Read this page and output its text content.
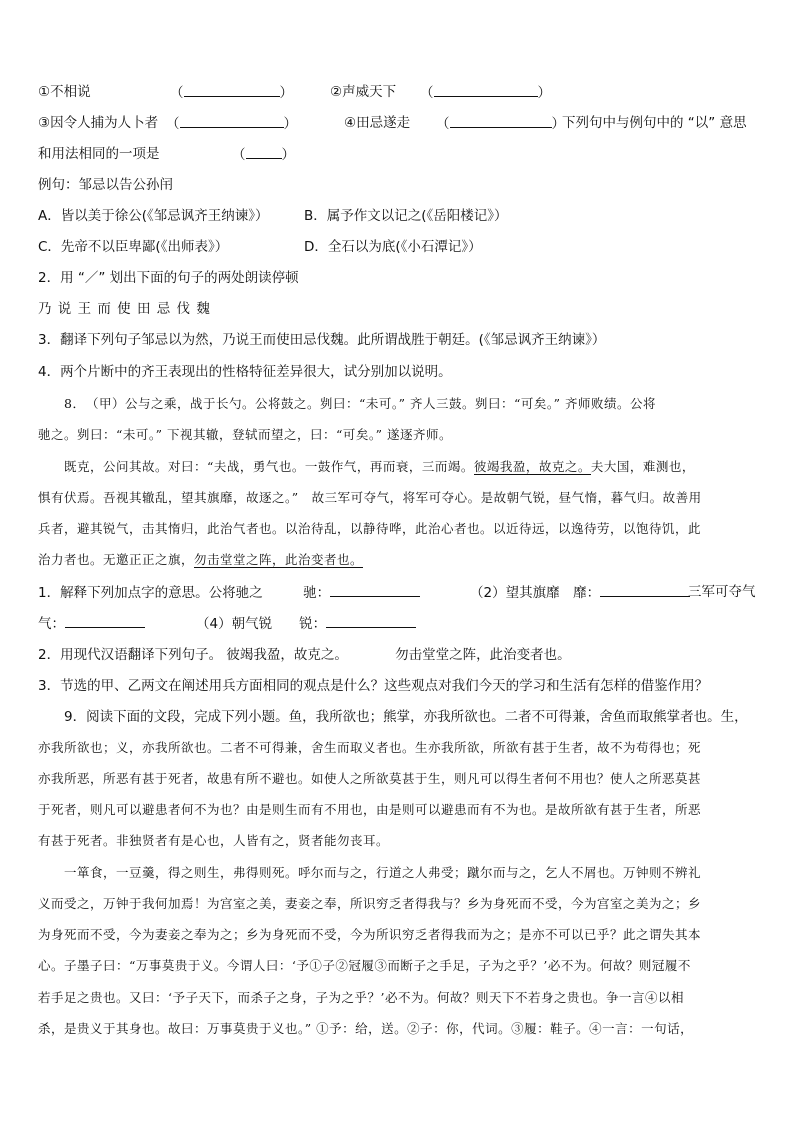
①不相说	（	）	②声威天下 （	）
③因令人捕为人卜者 （	）	④田忌遂走 （	）
下列句中与例句中的 “以” 意思
和用法相同的一项是	（	）
例句：邹忌以告公孙闬
A．皆以美于徐公(《邹忌讽齐王纳谏》）	B．属予作文以记之(《岳阳楼记》）
C．先帝不以臣卑鄙(《出师表》）	D．全石以为底(《小石潭记》）
2．用 “／” 划出下面的句子的两处朗读停顿
乃 说 王 而 使 田 忌 伐 魏
3．翻译下列句子邹忌以为然，乃说王而使田忌伐魏。此所谓战胜于朝廷。(《邹忌讽齐王纳谏》）
4．两个片断中的齐王表现出的性格特征差异很大，试分别加以说明。
8．　（甲）公与之乘，战于长勺。公将鼓之。刿曰：“未可。” 齐人三鼓。刿曰：“可矣。” 齐师败绩。公将
驰之。刿曰：“未可。” 下视其辙，登轼而望之，曰：“可矣。” 遂逐齐师。
既克，公问其故。对曰：“夫战，勇气也。一鼓作气，再而衰，三而竭。彼竭我盈，故克之。夫大国，难测也，
惧有伏焉。吾视其辙乱，望其旗靡，故逐之。”　故三军可夺气，将军可夺心。是故朝气锐，昼气惰，暮气归。故善用
兵者，避其锐气，击其惰归，此治气者也。以治待乱，以静待哗，此治心者也。以近待远，以逸待劳，以饱待饥，此
治力者也。无邀正正之旗，勿击堂堂之阵，此治变者也。
1．解释下列加点字的意思。公将驰之　　　驰：	（2）望其旗靡　靡：	三军可夺气
气：	（4）朝气锐　　锐：
2．用现代汉语翻译下列句子。 彼竭我盈，故克之。　　　　勿击堂堂之阵，此治变者也。
3．节选的甲、乙两文在阐述用兵方面相同的观点是什么？这些观点对我们今天的学习和生活有怎样的借鉴作用？
9．阅读下面的文段，完成下列小题。鱼，我所欲也；熊掌，亦我所欲也。二者不可得兼，舍鱼而取熊掌者也。生，
亦我所欲也；义，亦我所欲也。二者不可得兼，舍生而取义者也。生亦我所欲，所欲有甚于生者，故不为苟得也；死
亦我所恶，所恶有甚于死者，故患有所不避也。如使人之所欲莫甚于生，则凡可以得生者何不用也？使人之所恶莫甚
于死者，则凡可以避患者何不为也？由是则生而有不用也，由是则可以避患而有不为也。是故所欲有甚于生者，所恶
有甚于死者。非独贤者有是心也，人皆有之，贤者能勿丧耳。
一箪食，一豆羹，得之则生，弗得则死。呼尔而与之，行道之人弗受；蹴尔而与之，乞人不屑也。万钟则不辨礼
义而受之，万钟于我何加焉！为宫室之美，妻妾之奉，所识穷乏者得我与？乡为身死而不受，今为宫室之美为之；乡
为身死而不受，今为妻妾之奉为之；乡为身死而不受，今为所识穷乏者得我而为之；是亦不可以已乎？此之谓失其本
心。子墨子曰：“万事莫贵于义。今谓人曰：‘予①子②冠履③而断子之手足，子为之乎？’必不为。何故？则冠履不
若手足之贵也。又曰：‘予子天下，而杀子之身，子为之乎？’必不为。何故？则天下不若身之贵也。争一言④以相
杀，是贵义于其身也。故曰：万事莫贵于义也。” ①予：给，送。②子：你，代词。③履：鞋子。④一言：一句话，
